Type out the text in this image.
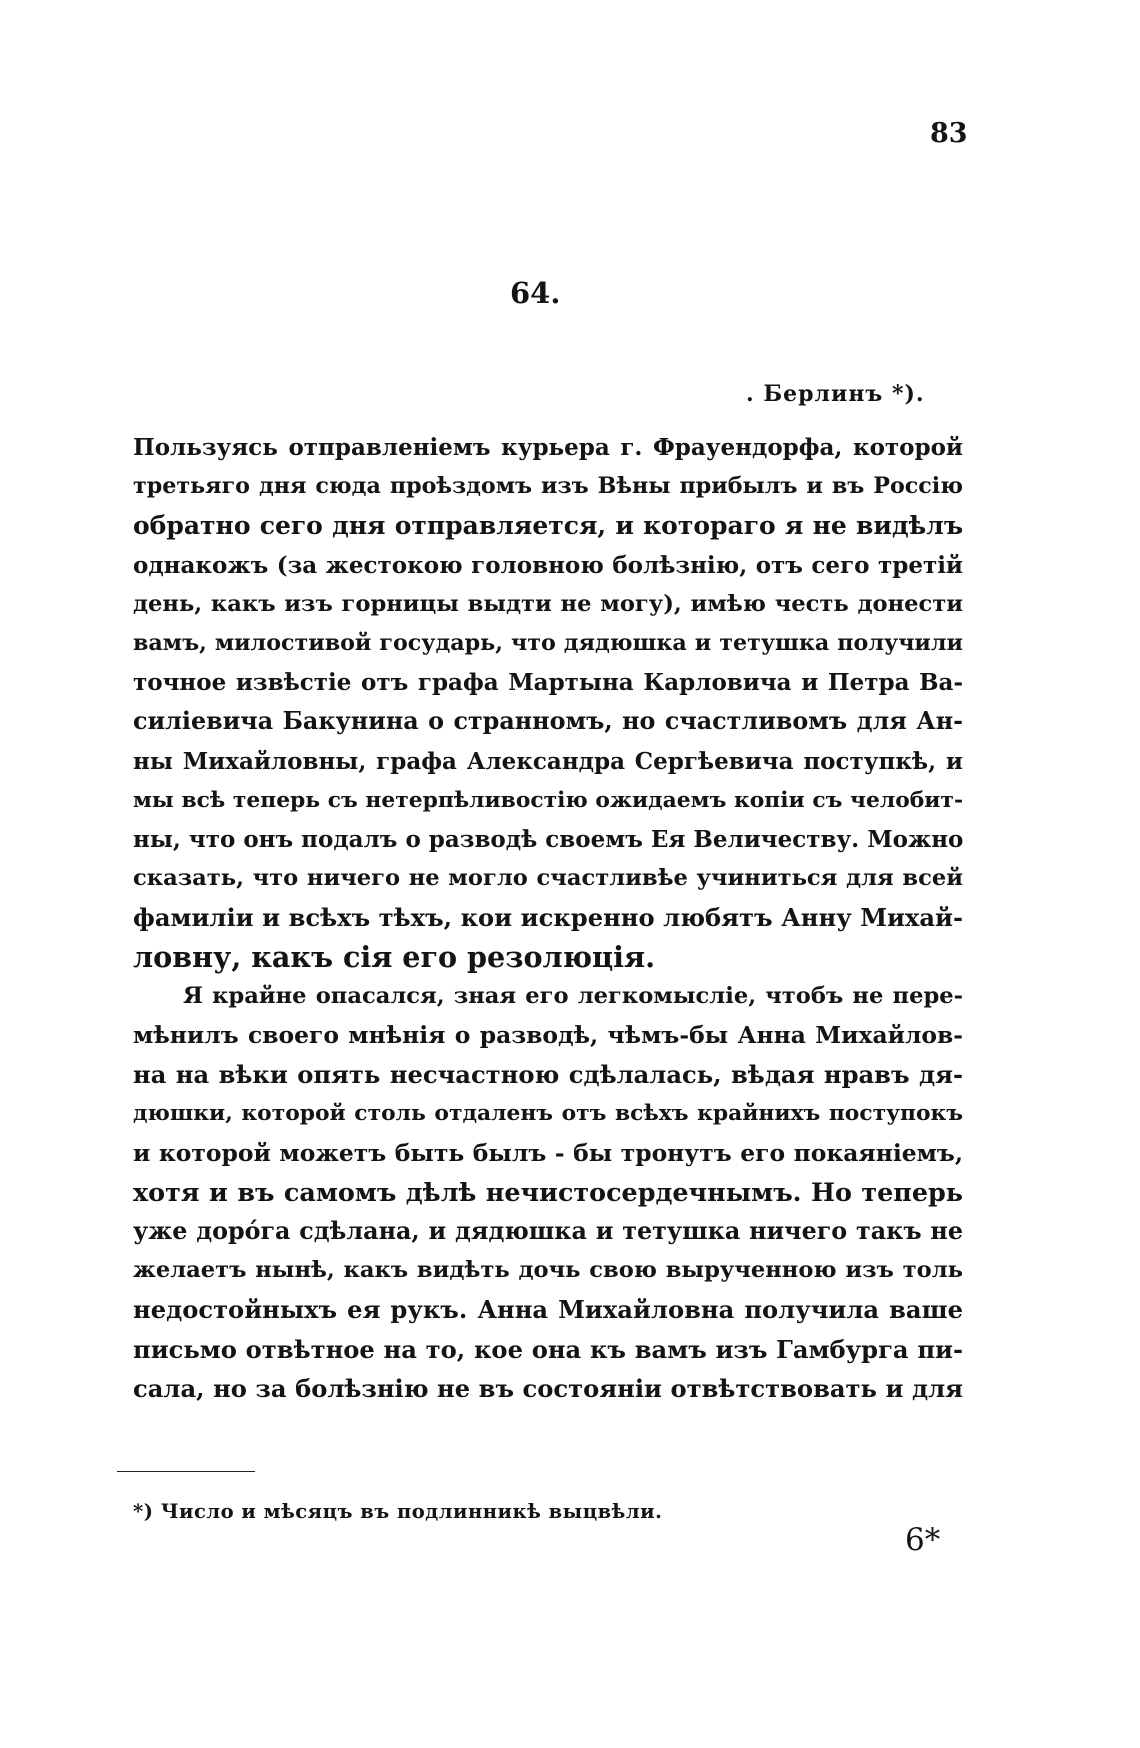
83
64.
. Берлинъ *).
Пользуясь отправленіемъ курьера г. Фрауендорфа, которой
третьяго дня сюда проѣздомъ изъ Вѣны прибылъ и въ Россію
обратно сего дня отправляется, и котораго я не видѣлъ
однакожъ (за жестокою головною болѣзнію, отъ сего третій
день, какъ изъ горницы выдти не могу), имѣю честь донести
вамъ, милостивой государь, что дядюшка и тетушка получили
точное извѣстіе отъ графа Мартына Карловича и Петра Ва-
силіевича Бакунина о странномъ, но счастливомъ для Ан-
ны Михайловны, графа Александра Сергѣевича поступкѣ, и
мы всѣ теперь съ нетерпѣливостію ожидаемъ копіи съ челобит-
ны, что онъ подалъ о разводѣ своемъ Ея Величеству. Можно
сказать, что ничего не могло счастливѣе учиниться для всей
фамиліи и всѣхъ тѣхъ, кои искренно любятъ Анну Михай-
ловну, какъ сія его резолюція.
Я крайне опасался, зная его легкомысліе, чтобъ не пере-
мѣнилъ своего мнѣнія о разводѣ, чѣмъ-бы Анна Михайлов-
на на вѣки опять несчастною сдѣлалась, вѣдая нравъ дя-
дюшки, которой столь отдаленъ отъ всѣхъ крайнихъ поступокъ
и которой можетъ быть былъ - бы тронутъ его покаяніемъ,
хотя и въ самомъ дѣлѣ нечистосердечнымъ. Но теперь
уже дорóга сдѣлана, и дядюшка и тетушка ничего такъ не
желаетъ нынѣ, какъ видѣть дочь свою вырученною изъ толь
недостойныхъ ея рукъ. Анна Михайловна получила ваше
письмо отвѣтное на то, кое она къ вамъ изъ Гамбурга пи-
сала, но за болѣзнію не въ состояніи отвѣтствовать и для
*) Число и мѣсяцъ въ подлинникѣ выцвѣли.
6*
